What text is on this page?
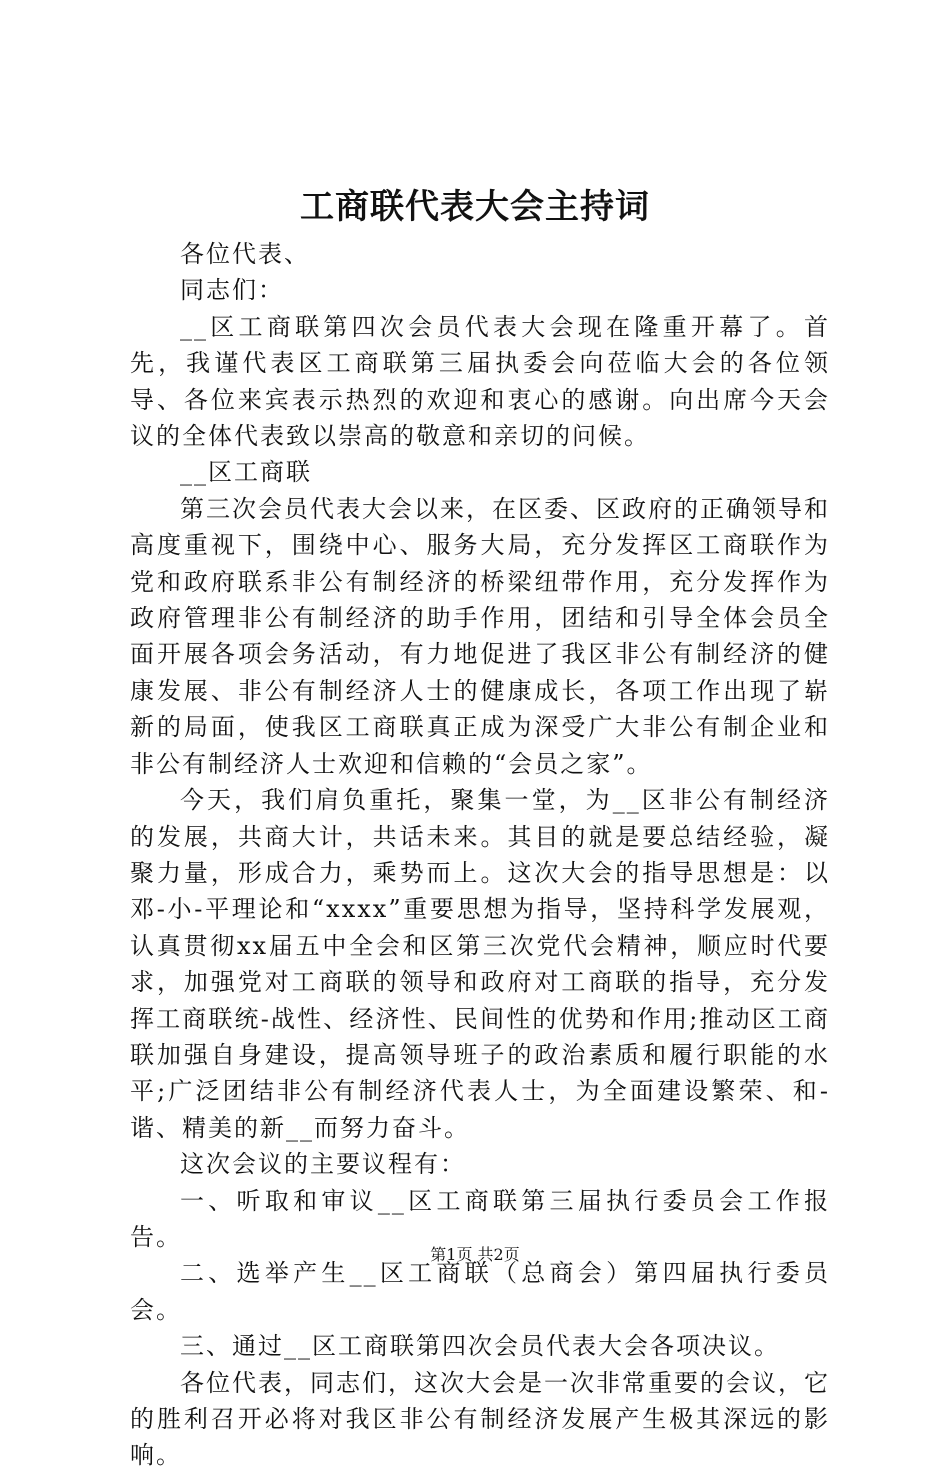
工商联代表大会主持词

各位代表、

同志们：

__区工商联第四次会员代表大会现在隆重开幕了。首先，我谨代表区工商联第三届执委会向莅临大会的各位领导、各位来宾表示热烈的欢迎和衷心的感谢。向出席今天会议的全体代表致以崇高的敬意和亲切的问候。

__区工商联

第三次会员代表大会以来，在区委、区政府的正确领导和高度重视下，围绕中心、服务大局，充分发挥区工商联作为党和政府联系非公有制经济的桥梁纽带作用，充分发挥作为政府管理非公有制经济的助手作用，团结和引导全体会员全面开展各项会务活动，有力地促进了我区非公有制经济的健康发展、非公有制经济人士的健康成长，各项工作出现了崭新的局面，使我区工商联真正成为深受广大非公有制企业和非公有制经济人士欢迎和信赖的“会员之家”。

今天，我们肩负重托，聚集一堂，为__区非公有制经济的发展，共商大计，共话未来。其目的就是要总结经验，凝聚力量，形成合力，乘势而上。这次大会的指导思想是：以邓-小-平理论和“xxxx”重要思想为指导，坚持科学发展观，认真贯彻xx届五中全会和区第三次党代会精神，顺应时代要求，加强党对工商联的领导和政府对工商联的指导，充分发挥工商联统-战性、经济性、民间性的优势和作用;推动区工商联加强自身建设，提高领导班子的政治素质和履行职能的水平;广泛团结非公有制经济代表人士，为全面建设繁荣、和-谐、精美的新__而努力奋斗。

这次会议的主要议程有：

一、听取和审议__区工商联第三届执行委员会工作报告。

二、选举产生__区工商联（总商会）第四届执行委员会。

三、通过__区工商联第四次会员代表大会各项决议。

各位代表，同志们，这次大会是一次非常重要的会议，它的胜利召开必将对我区非公有制经济发展产生极其深远的影响。

第1页 共2页
